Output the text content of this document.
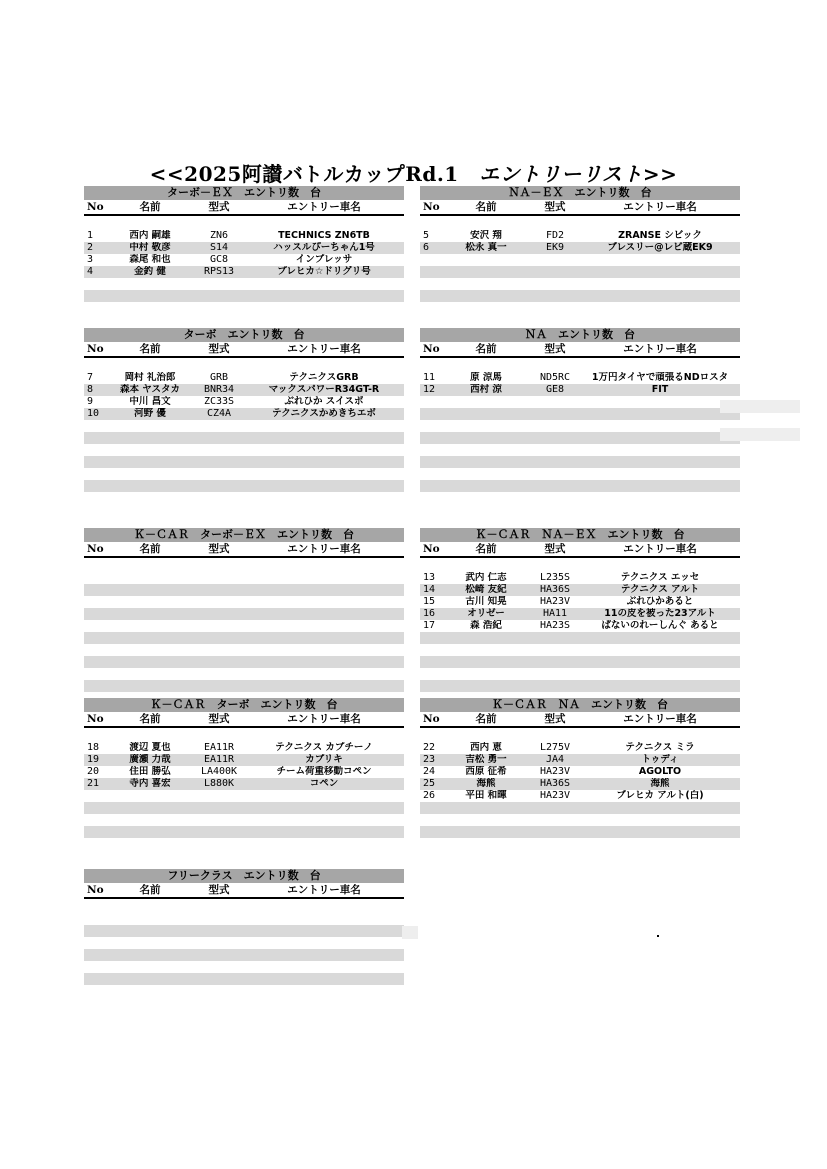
<<2025阿讃バトルカップRd.1　 エントリーリスト>>
ターボ－ＥＸ　エントリ数　台
No	名前	型式	エントリー車名
1	西内 嗣雄	ZN6	TECHNICS ZN6TB
2	中村 敬彦	S14	ハッスルぴーちゃん1号
3	森尾 和也	GC8	インプレッサ
4	金釣 健	RPS13	プレヒカ☆ドリグリ号
ＮＡ－ＥＸ　エントリ数　台
No	名前	型式	エントリー車名
5	安沢 翔	FD2	ZRANSE シビック
6	松永 真一	EK9	ブレスリー@レビ蔵EK9
ターボ　エントリ数　台
No	名前	型式	エントリー車名
7	岡村 礼治郎	GRB	テクニクスGRB
8	森本 ヤスタカ	BNR34	マックスパワーR34GT-R
9	中川 昌文	ZC33S	ぶれひか スイスポ
10	河野 優	CZ4A	テクニクスかめきちエボ
ＮＡ　エントリ数　台
No	名前	型式	エントリー車名
11	原 涼馬	ND5RC	1万円タイヤで頑張るNDロスタ
12	西村 涼	GE8	FIT
Ｋ－ＣＡＲ　ターボ－ＥＸ　エントリ数　台
No	名前	型式	エントリー車名
Ｋ－ＣＡＲ　ＮＡ－ＥＸ　エントリ数　台
No	名前	型式	エントリー車名
13	武内 仁志	L235S	テクニクス エッセ
14	松崎 友紀	HA36S	テクニクス アルト
15	古川 知晃	HA23V	ぶれひかあると
16	オリゼー	HA11	11の皮を被った23アルト
17	森 浩紀	HA23S	ぱないのれーしんぐ あると
Ｋ－ＣＡＲ　ターボ　エントリ数　台
No	名前	型式	エントリー車名
18	渡辺 夏也	EA11R	テクニクス カプチーノ
19	廣瀬 力哉	EA11R	カプリキ
20	住田 勝弘	LA400K	チーム荷重移動コペン
21	寺内 喜宏	L880K	コペン
Ｋ－ＣＡＲ　ＮＡ　エントリ数　台
No	名前	型式	エントリー車名
22	西内 恵	L275V	テクニクス ミラ
23	吉松 勇一	JA4	トゥディ
24	西原 征希	HA23V	AGOLTO
25	海熊	HA36S	海熊
26	平田 和暉	HA23V	ブレヒカ アルト(白)
フリークラス　エントリ数　台
No	名前	型式	エントリー車名
